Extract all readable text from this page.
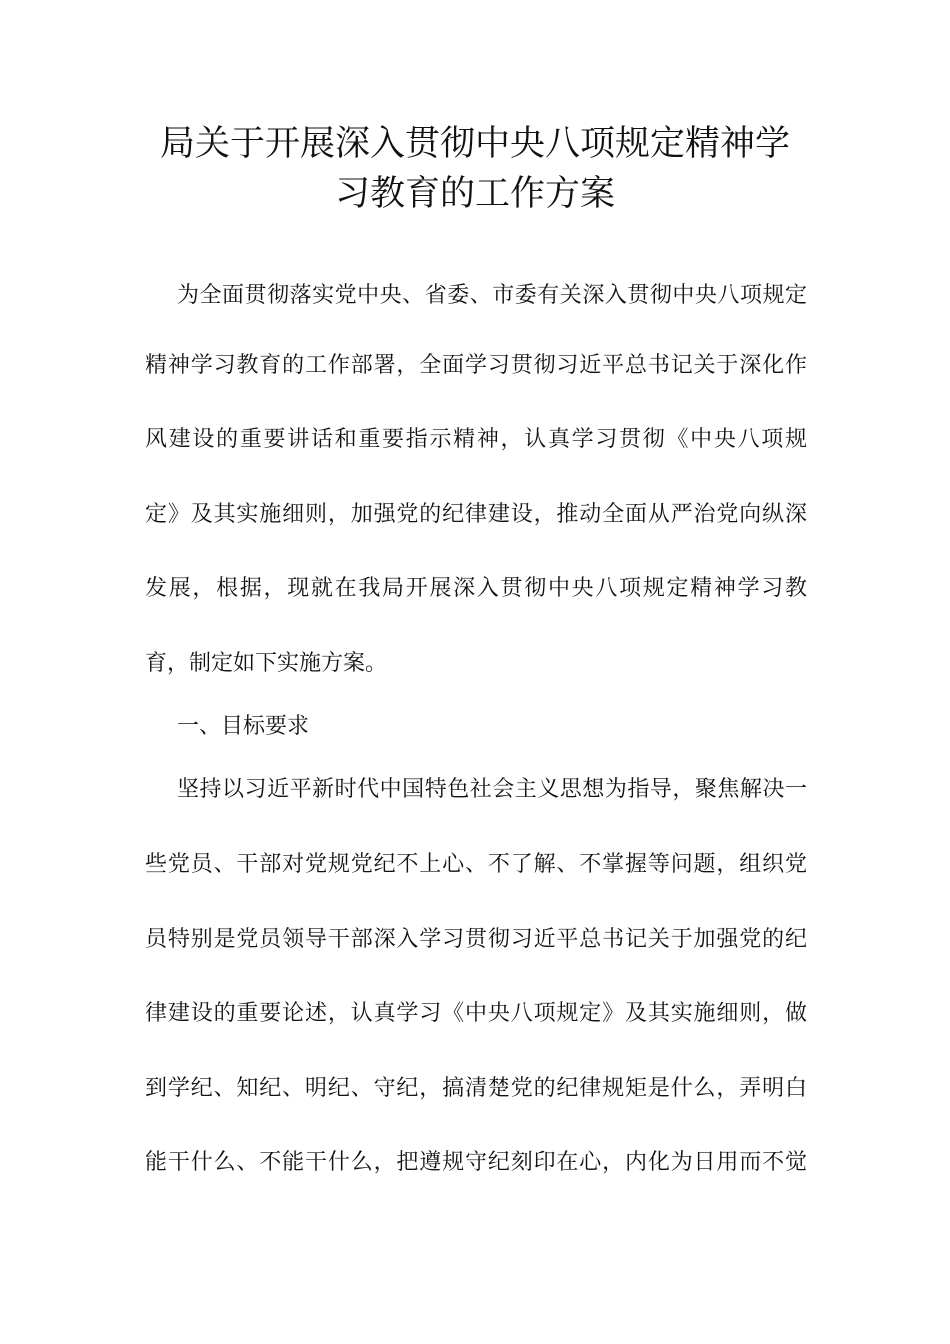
局关于开展深入贯彻中央八项规定精神学
习教育的工作方案
为全面贯彻落实党中央、省委、市委有关深入贯彻中央八项规定
精神学习教育的工作部署，全面学习贯彻习近平总书记关于深化作
风建设的重要讲话和重要指示精神，认真学习贯彻《中央八项规
定》及其实施细则，加强党的纪律建设，推动全面从严治党向纵深
发展，根据，现就在我局开展深入贯彻中央八项规定精神学习教
育，制定如下实施方案。
一、目标要求
坚持以习近平新时代中国特色社会主义思想为指导，聚焦解决一
些党员、干部对党规党纪不上心、不了解、不掌握等问题，组织党
员特别是党员领导干部深入学习贯彻习近平总书记关于加强党的纪
律建设的重要论述，认真学习《中央八项规定》及其实施细则，做
到学纪、知纪、明纪、守纪，搞清楚党的纪律规矩是什么，弄明白
能干什么、不能干什么，把遵规守纪刻印在心，内化为日用而不觉
